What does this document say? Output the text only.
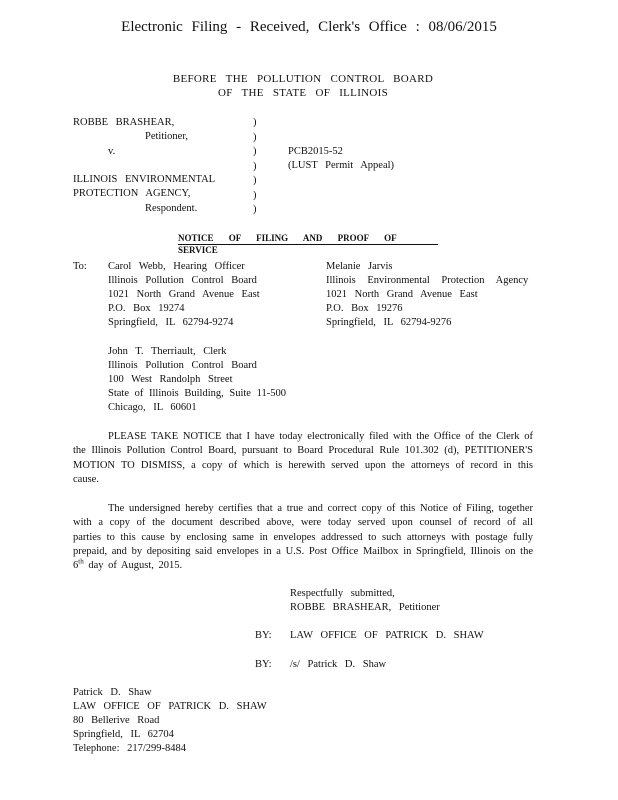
Electronic Filing - Received, Clerk's Office : 08/06/2015
BEFORE THE POLLUTION CONTROL BOARD
OF THE STATE OF ILLINOIS
ROBBE BRASHEAR,
Petitioner,
v.
ILLINOIS ENVIRONMENTAL
PROTECTION AGENCY,
Respondent.
)
)
)
)
)
)
)
PCB2015-52
(LUST Permit Appeal)
NOTICE OF FILING AND PROOF OF SERVICE
To: Carol Webb, Hearing Officer
Illinois Pollution Control Board
1021 North Grand Avenue East
P.O. Box 19274
Springfield, IL 62794-9274
Melanie Jarvis
Illinois Environmental Protection Agency
1021 North Grand Avenue East
P.O. Box 19276
Springfield, IL 62794-9276
John T. Therriault, Clerk
Illinois Pollution Control Board
100 West Randolph Street
State of Illinois Building, Suite 11-500
Chicago, IL 60601
PLEASE TAKE NOTICE that I have today electronically filed with the Office of the Clerk of the Illinois Pollution Control Board, pursuant to Board Procedural Rule 101.302 (d), PETITIONER'S MOTION TO DISMISS, a copy of which is herewith served upon the attorneys of record in this cause.
The undersigned hereby certifies that a true and correct copy of this Notice of Filing, together with a copy of the document described above, were today served upon counsel of record of all parties to this cause by enclosing same in envelopes addressed to such attorneys with postage fully prepaid, and by depositing said envelopes in a U.S. Post Office Mailbox in Springfield, Illinois on the 6th day of August, 2015.
Respectfully submitted,
ROBBE BRASHEAR, Petitioner
BY: LAW OFFICE OF PATRICK D. SHAW
BY: /s/ Patrick D. Shaw
Patrick D. Shaw
LAW OFFICE OF PATRICK D. SHAW
80 Bellerive Road
Springfield, IL 62704
Telephone: 217/299-8484
